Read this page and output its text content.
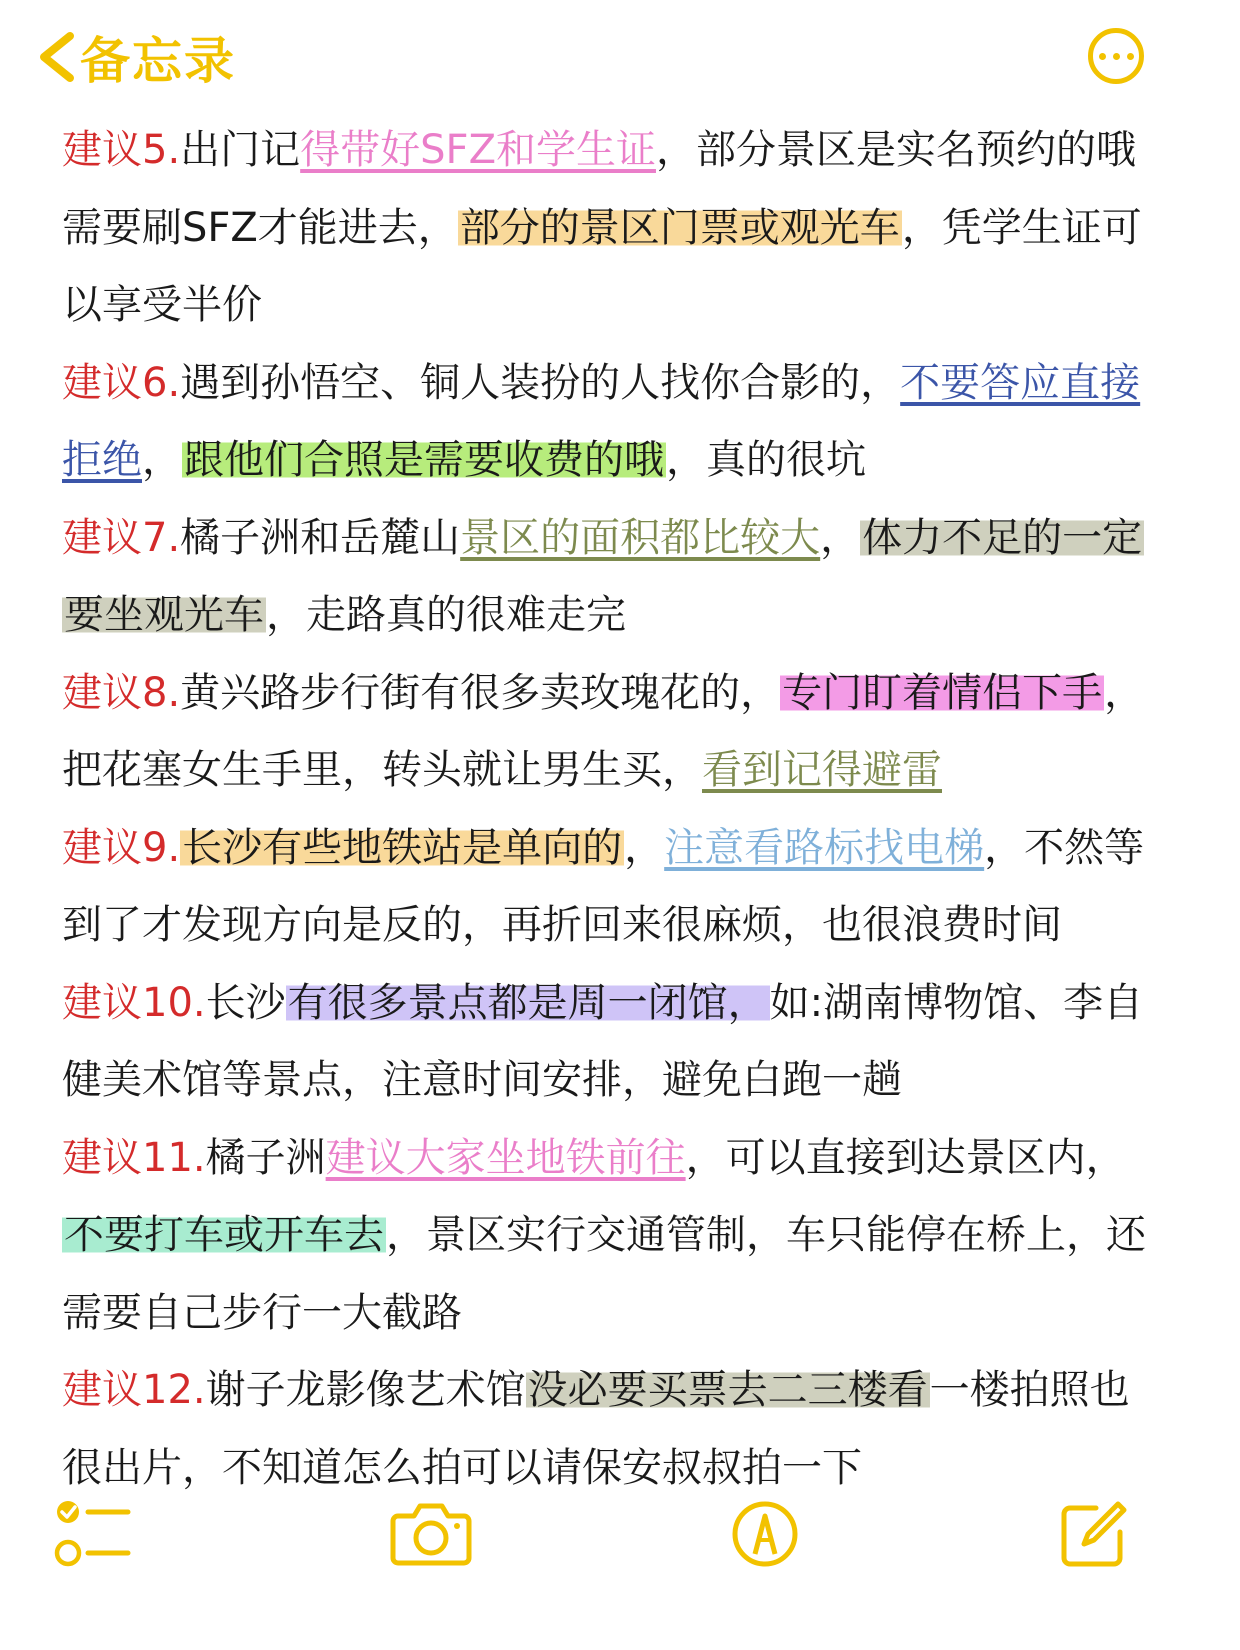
备忘录

建议5.出门记得带好SFZ和学生证，部分景区是实名预约的哦

需要刷SFZ才能进去，部分的景区门票或观光车，凭学生证可

以享受半价

建议6.遇到孙悟空、铜人装扮的人找你合影的，不要答应直接

拒绝，跟他们合照是需要收费的哦，真的很坑

建议7.橘子洲和岳麓山景区的面积都比较大，体力不足的一定

要坐观光车，走路真的很难走完

建议8.黄兴路步行街有很多卖玫瑰花的，专门盯着情侣下手，

把花塞女生手里，转头就让男生买，看到记得避雷

建议9.长沙有些地铁站是单向的，注意看路标找电梯，不然等

到了才发现方向是反的，再折回来很麻烦，也很浪费时间

建议10.长沙有很多景点都是周一闭馆，如:湖南博物馆、李自

健美术馆等景点，注意时间安排，避免白跑一趟

建议11.橘子洲建议大家坐地铁前往，可以直接到达景区内，

不要打车或开车去，景区实行交通管制，车只能停在桥上，还

需要自己步行一大截路

建议12.谢子龙影像艺术馆没必要买票去二三楼看一楼拍照也

很出片，不知道怎么拍可以请保安叔叔拍一下
